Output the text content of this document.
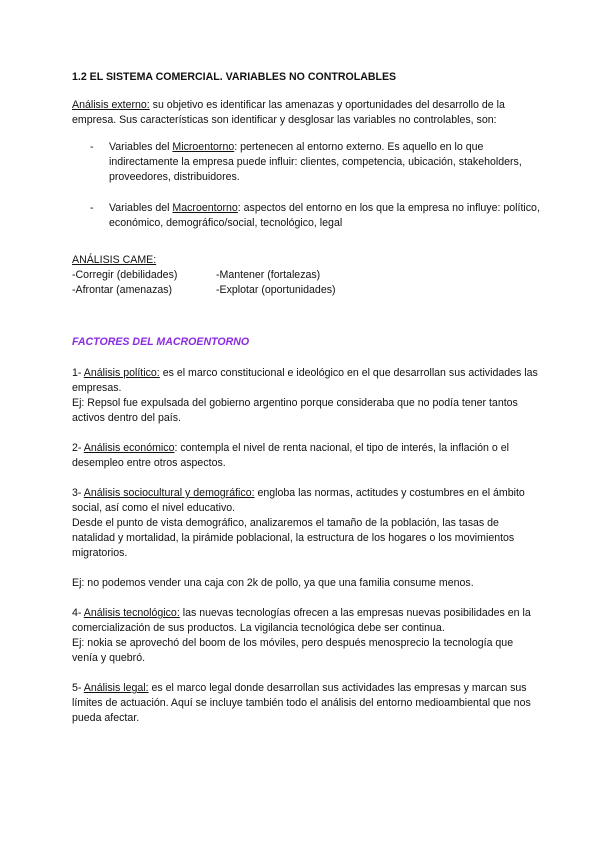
1.2 EL SISTEMA COMERCIAL. VARIABLES NO CONTROLABLES

Análisis externo: su objetivo es identificar las amenazas y oportunidades del desarrollo de la empresa. Sus características son identificar y desglosar las variables no controlables, son:

- Variables del Microentorno: pertenecen al entorno externo. Es aquello en lo que indirectamente la empresa puede influir: clientes, competencia, ubicación, stakeholders, proveedores, distribuidores.
- Variables del Macroentorno: aspectos del entorno en los que la empresa no influye: político, económico, demográfico/social, tecnológico, legal

ANÁLISIS CAME:

-Corregir (debilidades)	-Mantener (fortalezas)
-Afrontar (amenazas)	-Explotar (oportunidades)

FACTORES DEL MACROENTORNO

1- Análisis político: es el marco constitucional e ideológico en el que desarrollan sus actividades las empresas.

Ej: Repsol fue expulsada del gobierno argentino porque consideraba que no podía tener tantos activos dentro del país.

2- Análisis económico: contempla el nivel de renta nacional, el tipo de interés, la inflación o el desempleo entre otros aspectos.

3- Análisis sociocultural y demográfico: engloba las normas, actitudes y costumbres en el ámbito social, así como el nivel educativo.

Desde el punto de vista demográfico, analizaremos el tamaño de la población, las tasas de natalidad y mortalidad, la pirámide poblacional, la estructura de los hogares o los movimientos migratorios.

Ej: no podemos vender una caja con 2k de pollo, ya que una familia consume menos.

4- Análisis tecnológico: las nuevas tecnologías ofrecen a las empresas nuevas posibilidades en la comercialización de sus productos. La vigilancia tecnológica debe ser continua.

Ej: nokia se aprovechó del boom de los móviles, pero después menosprecio la tecnología que venía y quebró.

5- Análisis legal: es el marco legal donde desarrollan sus actividades las empresas y marcan sus límites de actuación. Aquí se incluye también todo el análisis del entorno medioambiental que nos pueda afectar.
